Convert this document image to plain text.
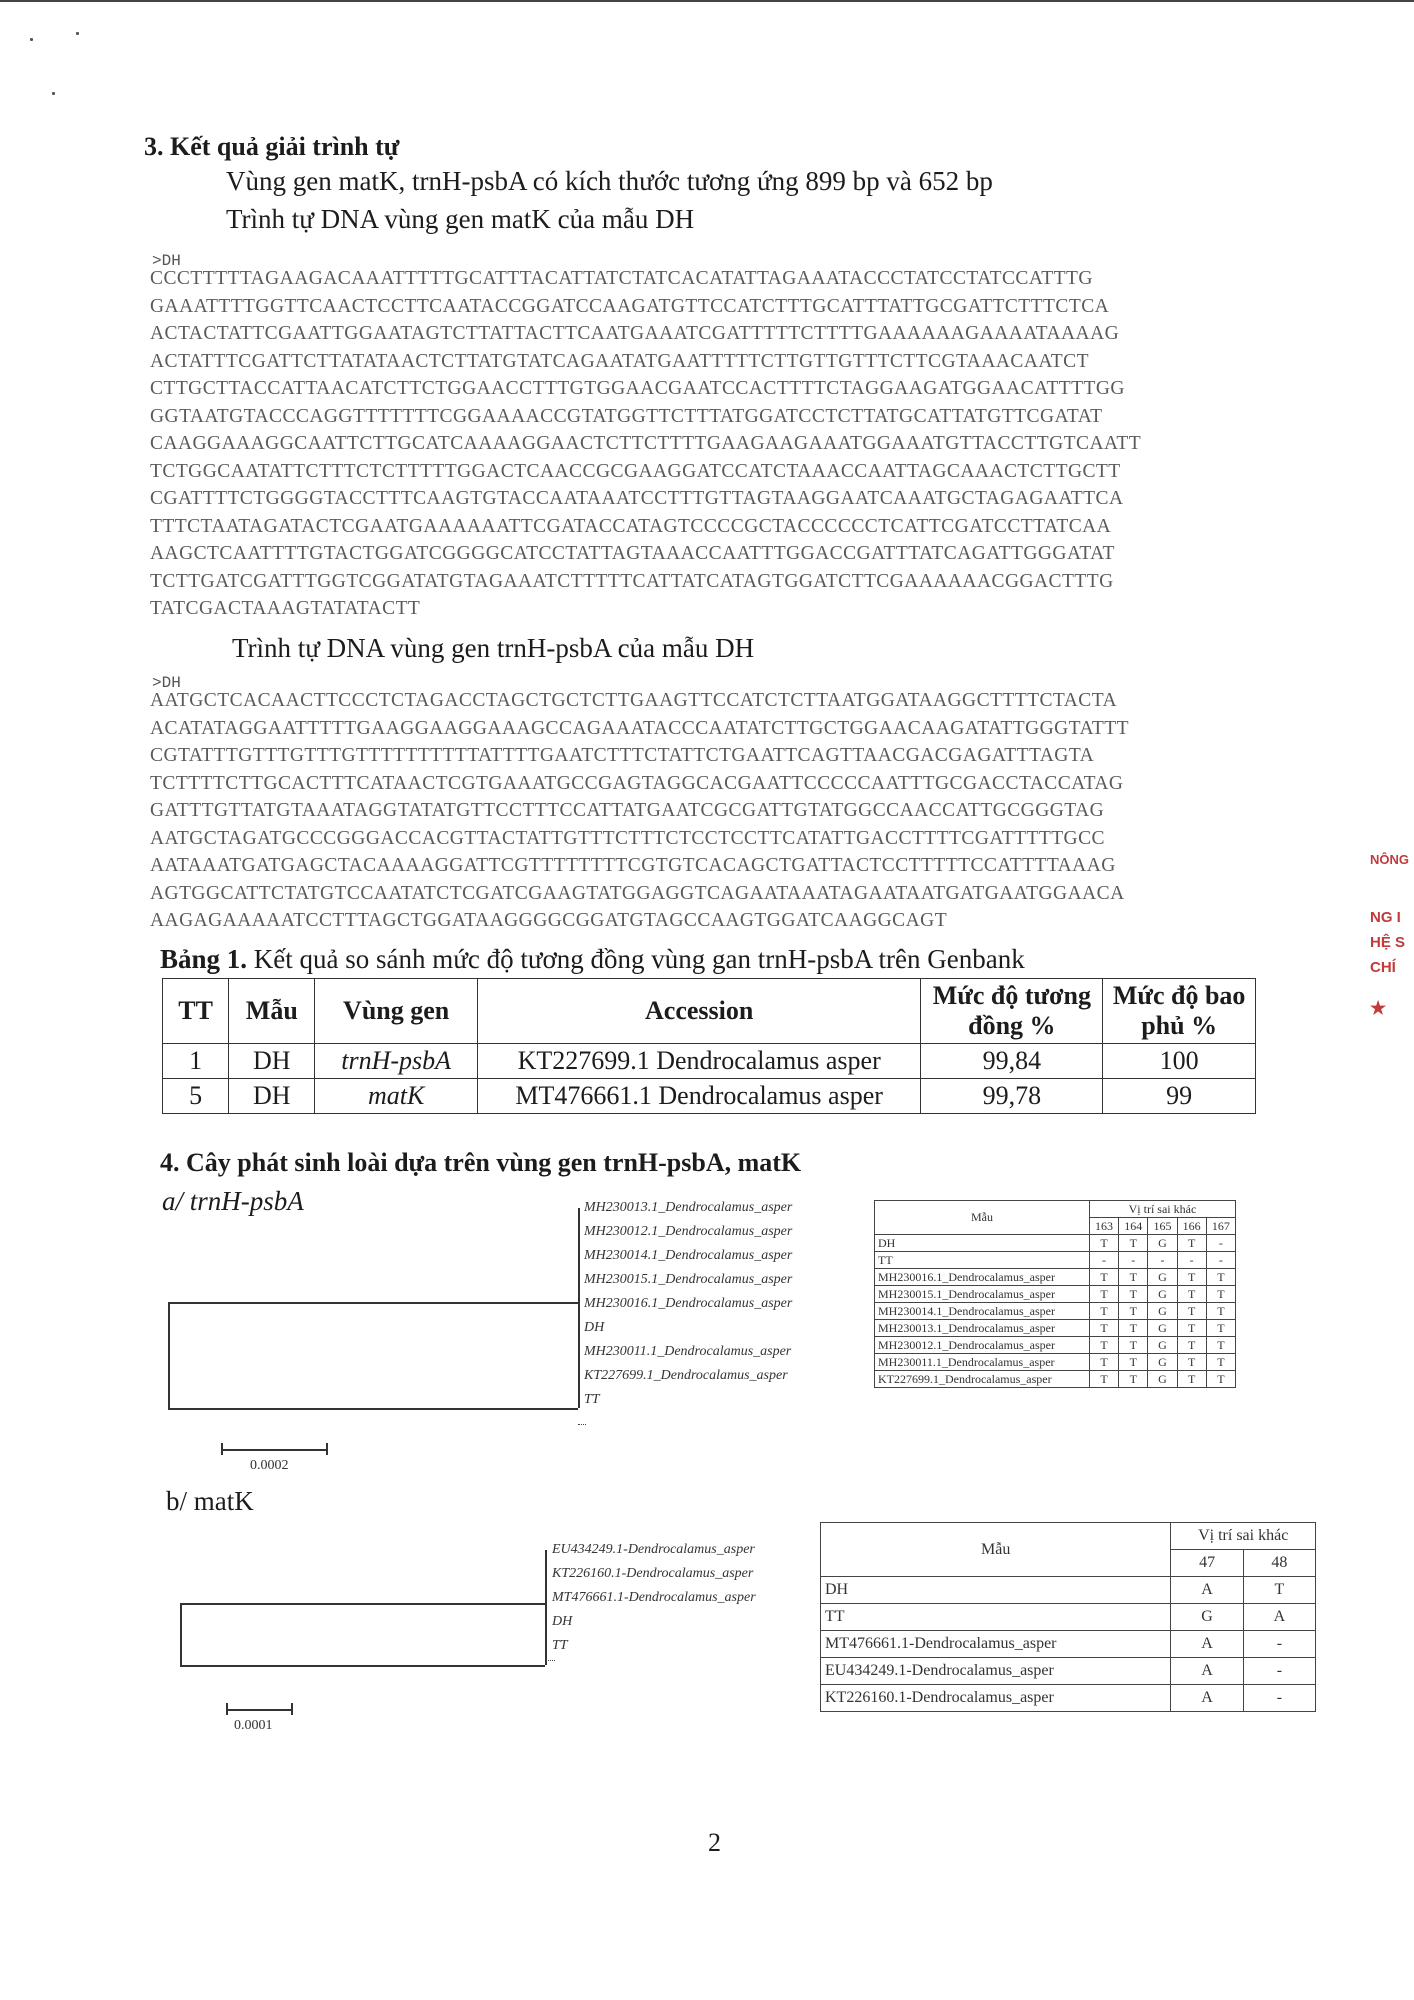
3. Kết quả giải trình tự
Vùng gen matK, trnH-psbA có kích thước tương ứng 899 bp và 652 bp
Trình tự DNA vùng gen matK của mẫu DH
>DH
CCCTTTTTAGAAGACAAATTTTTGCATTTACATTATCTATCACATATTAGAAATACCCTATCCTATCCATTTG
GAAATTTTGGTTCAACTCCTTCAATACCGGATCCAAGATGTTCCATCTTTGCATTTATTGCGATTCTTTCTCA
ACTACTATTCGAATTGGAATAGTCTTATTACTTCAATGAAATCGATTTTTCTTTTGAAAAAAGAAAATAAAAG
ACTATTTCGATTCTTATATAACTCTTATGTATCAGAATATGAATTTTTCTTGTTGTTTCTTCGTAAACAATCT
CTTGCTTACCATTAACATCTTCTGGAACCTTTGTGGAACGAATCCACTTTTCTAGGAAGATGGAACATTTTGG
GGTAATGTACCCAGGTTTTTTTCGGAAAACCGTATGGTTCTTTATGGATCCTCTTATGCATTATGTTCGATAT
CAAGGAAAGGCAATTCTTGCATCAAAAGGAACTCTTCTTTTGAAGAAGAAATGGAAATGTTACCTTGTCAATT
TCTGGCAATATTCTTTCTCTTTTTGGACTCAACCGCGAAGGATCCATCTAAACCAATTAGCAAACTCTTGCTT
CGATTTTCTGGGGTACCTTTCAAGTGTACCAATAAATCCTTTGTTAGTAAGGAATCAAATGCTAGAGAATTCA
TTTCTAATAGATACTCGAATGAAAAAATTCGATACCATAGTCCCCGCTACCCCCCTCATTCGATCCTTATCAA
AAGCTCAATTTTGTACTGGATCGGGGCATCCTATTAGTAAACCAATTTGGACCGATTTATCAGATTGGGATAT
TCTTGATCGATTTGGTCGGATATGTAGAAATCTTTTTCATTATCATAGTGGATCTTCGAAAAAACGGACTTTG
TATCGACTAAAGTATATACTT
Trình tự DNA vùng gen trnH-psbA của mẫu DH
>DH
AATGCTCACAACTTCCCTCTAGACCTAGCTGCTCTTGAAGTTCCATCTCTTAATGGATAAGGCTTTTCTACTA
ACATATAGGAATTTTTGAAGGAAGGAAAGCCAGAAATACCCAATATCTTGCTGGAACAAGATATTGGGTATTT
CGTATTTGTTTGTTTGTTTTTTTTTTATTTTGAATCTTTCTATTCTGAATTCAGTTAACGACGAGATTTAGTA
TCTTTTCTTGCACTTTCATAACTCGTGAAATGCCGAGTAGGCACGAATTCCCCCAATTTGCGACCTACCATAG
GATTTGTTATGTAAATAGGTATATGTTCCTTTCCATTATGAATCGCGATTGTATGGCCAACCATTGCGGGTAG
AATGCTAGATGCCCGGGACCACGTTACTATTGTTTCTTTCTCCTCCTTCATATTGACCTTTTCGATTTTTGCC
AATAAATGATGAGCTACAAAAGGATTCGTTTTTTTTCGTGTCACAGCTGATTACTCCTTTTTCCATTTTAAAG
AGTGGCATTCTATGTCCAATATCTCGATCGAAGTATGGAGGTCAGAATAAATAGAATAATGATGAATGGAACA
AAGAGAAAAATCCTTTAGCTGGATAAGGGGCGGATGTAGCCAAGTGGATCAAGGCAGT
Bảng 1. Kết quả so sánh mức độ tương đồng vùng gan trnH-psbA trên Genbank
TT	Mẫu	Vùng gen	Accession	Mức độ tương đồng %	Mức độ bao phủ %
1	DH	trnH-psbA	KT227699.1 Dendrocalamus asper	99,84	100
5	DH	matK	MT476661.1 Dendrocalamus asper	99,78	99
4. Cây phát sinh loài dựa trên vùng gen trnH-psbA, matK
a/ trnH-psbA	MH230013.1_Dendrocalamus_asper
MH230012.1_Dendrocalamus_asper
MH230014.1_Dendrocalamus_asper
MH230015.1_Dendrocalamus_asper
MH230016.1_Dendrocalamus_asper
DH
MH230011.1_Dendrocalamus_asper
KT227699.1_Dendrocalamus_asper
TT
0.0002
Mẫu	Vị trí sai khác				
	163	164	165	166	167
DH	T	T	G	T	-
TT	-	-	-	-	-
MH230016.1_Dendrocalamus_asper	T	T	G	T	T
MH230015.1_Dendrocalamus_asper	T	T	G	T	T
MH230014.1_Dendrocalamus_asper	T	T	G	T	T
MH230013.1_Dendrocalamus_asper	T	T	G	T	T
MH230012.1_Dendrocalamus_asper	T	T	G	T	T
MH230011.1_Dendrocalamus_asper	T	T	G	T	T
KT227699.1_Dendrocalamus_asper	T	T	G	T	T
b/ matK
EU434249.1-Dendrocalamus_asper
KT226160.1-Dendrocalamus_asper
MT476661.1-Dendrocalamus_asper
DH
TT
0.0001
Mẫu	Vị trí sai khác	
	47	48
DH	A	T
TT	G	A
MT476661.1-Dendrocalamus_asper	A	-
EU434249.1-Dendrocalamus_asper	A	-
KT226160.1-Dendrocalamus_asper	A	-
2
NÔNG
NG I
HỆ S
CHÍ
★
